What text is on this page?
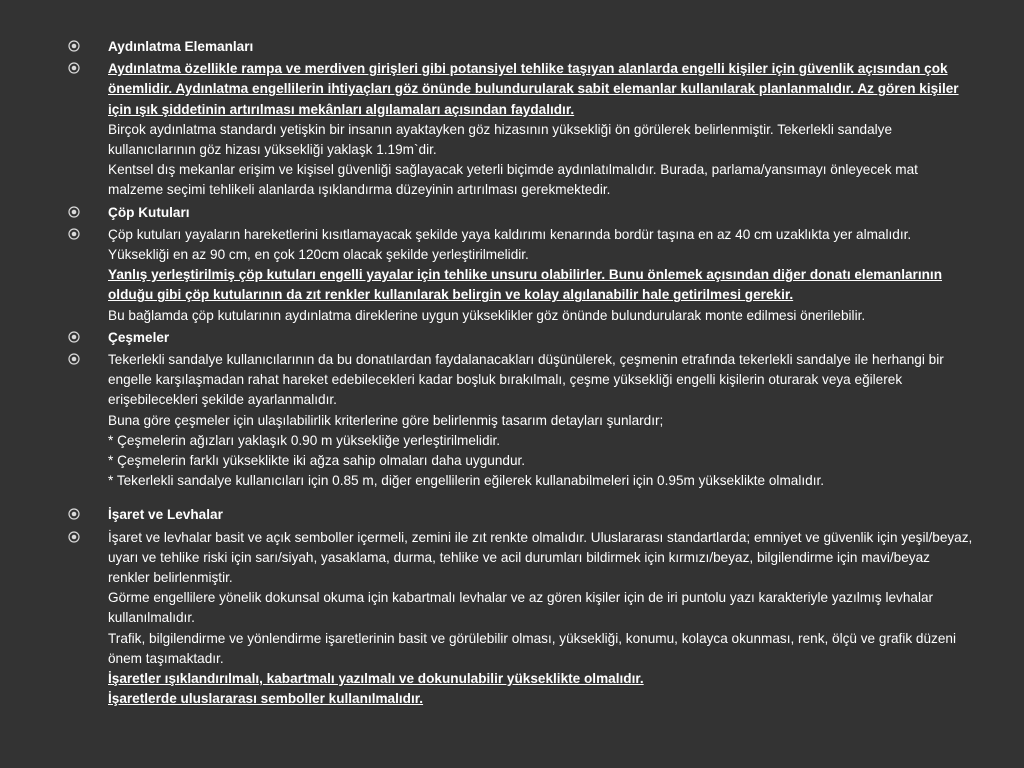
Aydınlatma Elemanları
Aydınlatma özellikle rampa ve merdiven girişleri gibi potansiyel tehlike taşıyan alanlarda engelli kişiler için güvenlik açısından çok önemlidir. Aydınlatma engellilerin ihtiyaçları göz önünde bulundurularak sabit elemanlar kullanılarak planlanmalıdır. Az gören kişiler için ışık şiddetinin artırılması mekânları algılamaları açısından faydalıdır.
Birçok aydınlatma standardı yetişkin bir insanın ayaktayken göz hizasının yüksekliği ön görülerek belirlenmiştir. Tekerlekli sandalye kullanıcılarının göz hizası yüksekliği yaklaşk 1.19m`dir.
Kentsel dış mekanlar erişim ve kişisel güvenliği sağlayacak yeterli biçimde aydınlatılmalıdır. Burada, parlama/yansımayı önleyecek mat malzeme seçimi tehlikeli alanlarda ışıklandırma düzeyinin artırılması gerekmektedir.
Çöp Kutuları
Çöp kutuları yayaların hareketlerini kısıtlamayacak şekilde yaya kaldırımı kenarında bordür taşına en az 40 cm uzaklıkta yer almalıdır. Yüksekliği en az 90 cm, en çok 120cm olacak şekilde yerleştirilmelidir.
Yanlış yerleştirilmiş çöp kutuları engelli yayalar için tehlike unsuru olabilirler. Bunu önlemek açısından diğer donatı elemanlarının olduğu gibi çöp kutularının da zıt renkler kullanılarak belirgin ve kolay algılanabilir hale getirilmesi gerekir.
Bu bağlamda çöp kutularının aydınlatma direklerine uygun yükseklikler göz önünde bulundurularak monte edilmesi önerilebilir.
Çeşmeler
Tekerlekli sandalye kullanıcılarının da bu donatılardan faydalanacakları düşünülerek, çeşmenin etrafında tekerlekli sandalye ile herhangi bir engelle karşılaşmadan rahat hareket edebilecekleri kadar boşluk bırakılmalı, çeşme yüksekliği engelli kişilerin oturarak veya eğilerek erişebilecekleri şekilde ayarlanmalıdır.
Buna göre çeşmeler için ulaşılabilirlik kriterlerine göre belirlenmiş tasarım detayları şunlardır;
* Çeşmelerin ağızları yaklaşık 0.90 m yüksekliğe yerleştirilmelidir.
* Çeşmelerin farklı yükseklikte iki ağza sahip olmaları daha uygundur.
* Tekerlekli sandalye kullanıcıları için 0.85 m, diğer engellilerin eğilerek kullanabilmeleri için 0.95m yükseklikte olmalıdır.
İşaret ve Levhalar
İşaret ve levhalar basit ve açık semboller içermeli, zemini ile zıt renkte olmalıdır. Uluslararası standartlarda; emniyet ve güvenlik için yeşil/beyaz, uyarı ve tehlike riski için sarı/siyah, yasaklama, durma, tehlike ve acil durumları bildirmek için kırmızı/beyaz, bilgilendirme için mavi/beyaz renkler belirlenmiştir.
Görme engellilere yönelik dokunsal okuma için kabartmalı levhalar ve az gören kişiler için de iri puntolu yazı karakteriyle yazılmış levhalar kullanılmalıdır.
Trafik, bilgilendirme ve yönlendirme işaretlerinin basit ve görülebilir olması, yüksekliği, konumu, kolayca okunması, renk, ölçü ve grafik düzeni önem taşımaktadır.
İşaretler ışıklandırılmalı, kabartmalı yazılmalı ve dokunulabilir yükseklikte olmalıdır.
İşaretlerde uluslararası semboller kullanılmalıdır.
